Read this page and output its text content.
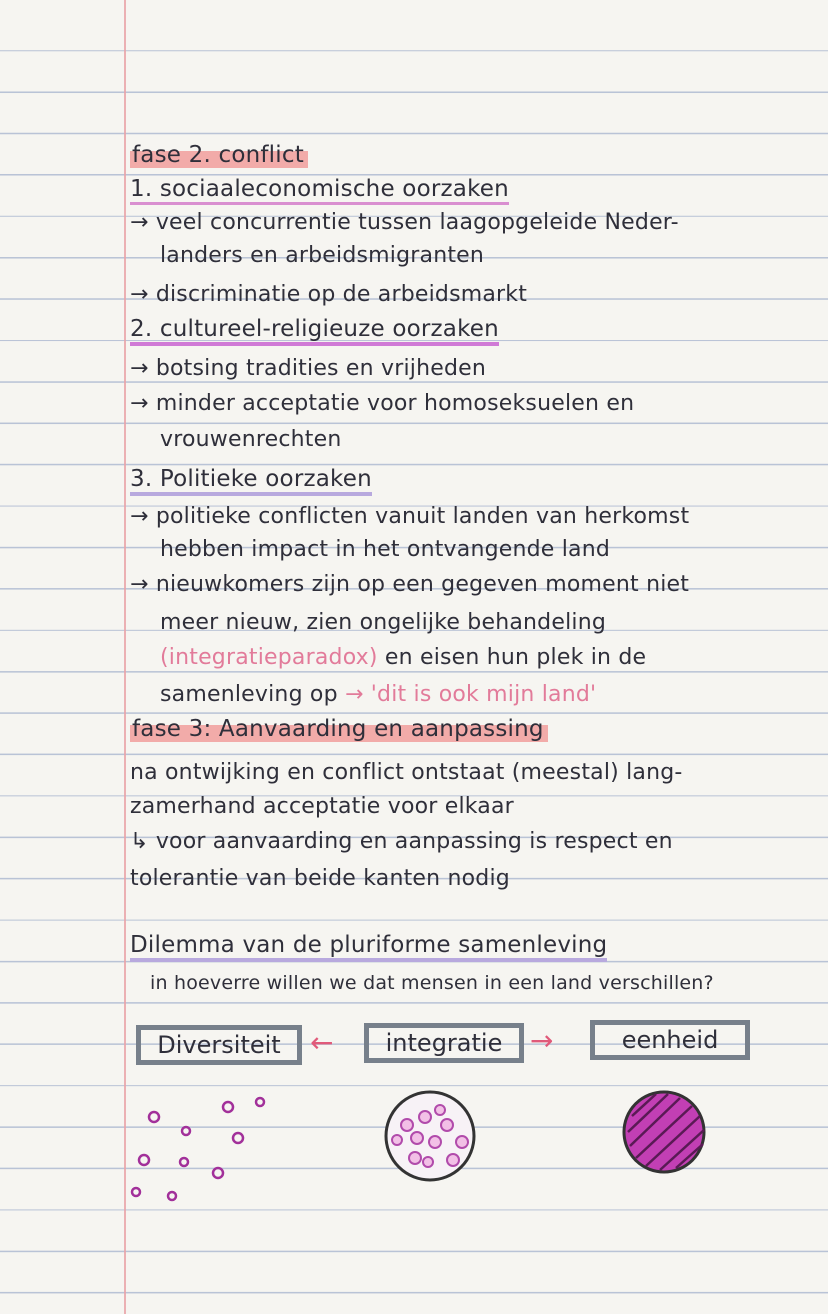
fase 2. conflict
1. sociaaleconomische oorzaken
→ veel concurrentie tussen laagopgeleide Neder-
landers en arbeidsmigranten
→ discriminatie op de arbeidsmarkt
2. cultureel-religieuze oorzaken
→ botsing tradities en vrijheden
→ minder acceptatie voor homoseksuelen en
vrouwenrechten
3. Politieke oorzaken
→ politieke conflicten vanuit landen van herkomst
hebben impact in het ontvangende land
→ nieuwkomers zijn op een gegeven moment niet
meer nieuw, zien ongelijke behandeling
(integratieparadox) en eisen hun plek in de
samenleving op → 'dit is ook mijn land'
fase 3: Aanvaarding en aanpassing
na ontwijking en conflict ontstaat (meestal) lang-
zamerhand acceptatie voor elkaar
↳ voor aanvaarding en aanpassing is respect en
tolerantie van beide kanten nodig
Dilemma van de pluriforme samenleving
in hoeverre willen we dat mensen in een land verschillen?
Diversiteit	←	integratie →	eenheid
